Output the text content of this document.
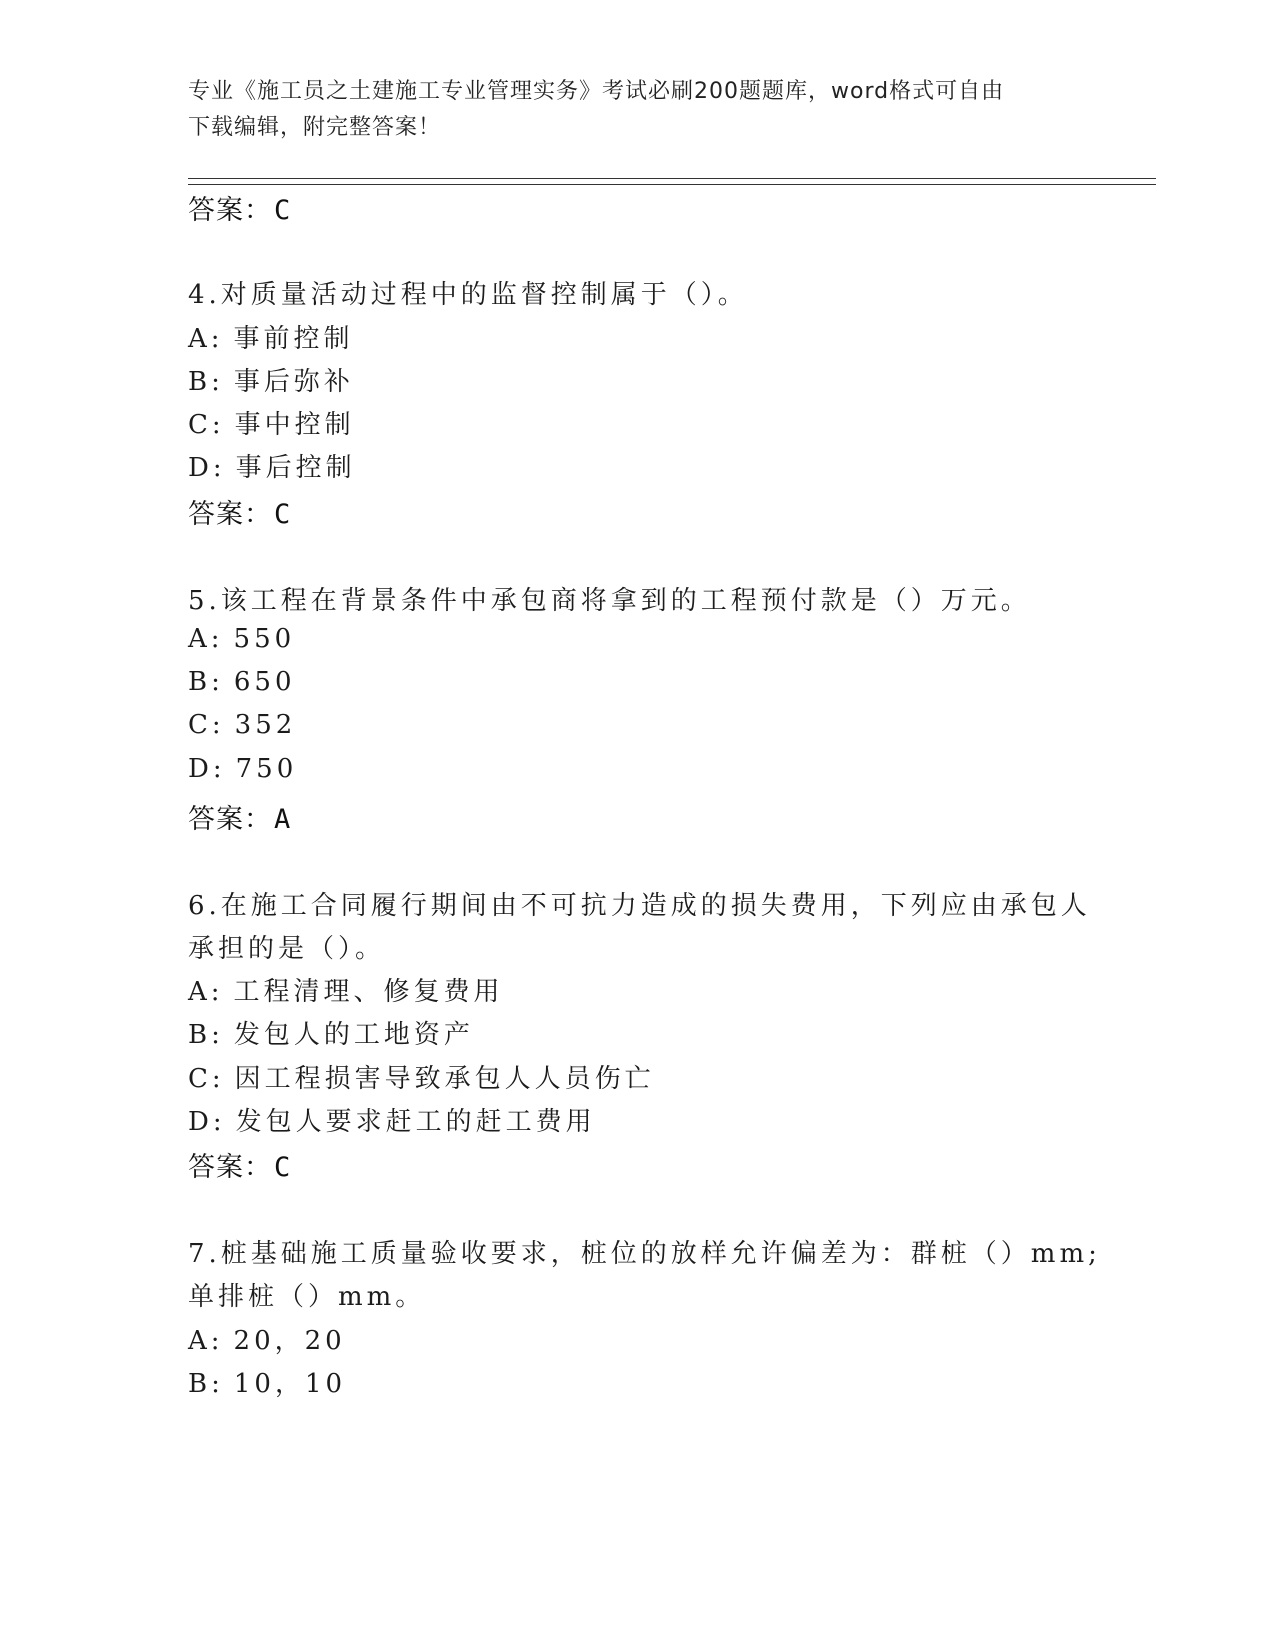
专业《施工员之土建施工专业管理实务》考试必刷200题题库，word格式可自由
下载编辑，附完整答案！
答案：C
4.对质量活动过程中的监督控制属于（）。
A: 事前控制
B: 事后弥补
C: 事中控制
D: 事后控制
答案：C
5.该工程在背景条件中承包商将拿到的工程预付款是（）万元。
A: 550
B: 650
C: 352
D: 750
答案：A
6.在施工合同履行期间由不可抗力造成的损失费用，下列应由承包人
承担的是（）。
A: 工程清理、修复费用
B: 发包人的工地资产
C: 因工程损害导致承包人人员伤亡
D: 发包人要求赶工的赶工费用
答案：C
7.桩基础施工质量验收要求，桩位的放样允许偏差为：群桩（）mm;
单排桩（）mm。
A: 20，20
B: 10，10
